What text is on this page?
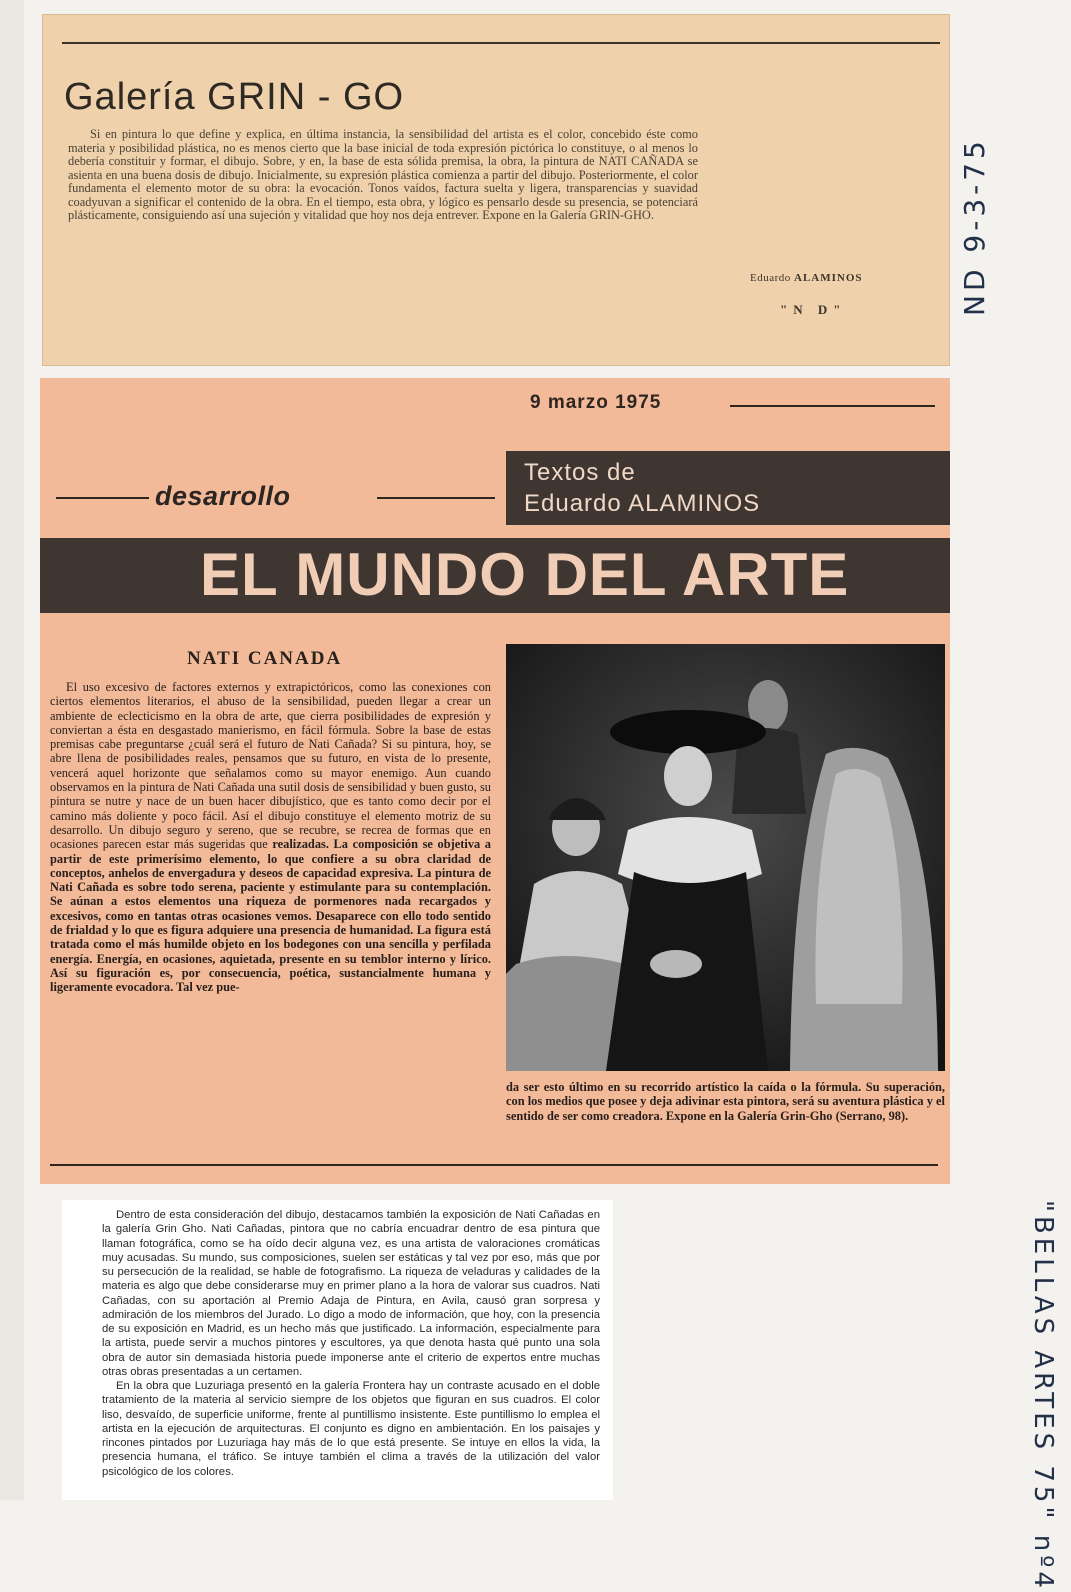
Galería GRIN - GO

Si en pintura lo que define y explica, en última instancia, la sensibilidad del artista es el color, concebido éste como materia y posibilidad plástica, no es menos cierto que la base inicial de toda expresión pictórica lo constituye, o al menos lo debería constituir y formar, el dibujo. Sobre, y en, la base de esta sólida premisa, la obra, la pintura de NATI CAÑADA se asienta en una buena dosis de dibujo. Inicialmente, su expresión plástica comienza a partir del dibujo. Posteriormente, el color fundamenta el elemento motor de su obra: la evocación. Tonos vaídos, factura suelta y ligera, transparencias y suavidad coadyuvan a significar el contenido de la obra. En el tiempo, esta obra, y lógico es pensarlo desde su presencia, se potenciará plásticamente, consiguiendo así una sujeción y vitalidad que hoy nos deja entrever. Expone en la Galería GRIN-GHO.

Eduardo ALAMINOS
"N D"	ND 9-3-75
9 marzo 1975
desarrollo
Textos de
Eduardo ALAMINOS
EL MUNDO DEL ARTE
NATI CANADA

El uso excesivo de factores externos y extrapictóricos, como las conexiones con ciertos elementos literarios, el abuso de la sensibilidad, pueden llegar a crear un ambiente de eclecticismo en la obra de arte, que cierra posibilidades de expresión y conviertan a ésta en desgastado manierismo, en fácil fórmula. Sobre la base de estas premisas cabe preguntarse ¿cuál será el futuro de Nati Cañada? Si su pintura, hoy, se abre llena de posibilidades reales, pensamos que su futuro, en vista de lo presente, vencerá aquel horizonte que señalamos como su mayor enemigo. Aun cuando observamos en la pintura de Nati Cañada una sutil dosis de sensibilidad y buen gusto, su pintura se nutre y nace de un buen hacer dibujístico, que es tanto como decir por el camino más doliente y poco fácil. Así el dibujo constituye el elemento motriz de su desarrollo. Un dibujo seguro y sereno, que se recubre, se recrea de formas que en ocasiones parecen estar más sugeridas que realizadas. La composición se objetiva a partir de este primerísimo elemento, lo que confiere a su obra claridad de conceptos, anhelos de envergadura y deseos de capacidad expresiva. La pintura de Nati Cañada es sobre todo serena, paciente y estimulante para su contemplación. Se aúnan a estos elementos una riqueza de pormenores nada recargados y excesivos, como en tantas otras ocasiones vemos. Desaparece con ello todo sentido de frialdad y lo que es figura adquiere una presencia de humanidad. La figura está tratada como el más humilde objeto en los bodegones con una sencilla y perfilada energía. Energía, en ocasiones, aquietada, presente en su temblor interno y lírico. Así su figuración es, por consecuencia, poética, sustancialmente humana y ligeramente evocadora. Tal vez pue-

da ser esto último en su recorrido artístico la caída o la fórmula. Su superación, con los medios que posee y deja adivinar esta pintora, será su aventura plástica y el sentido de ser como creadora. Expone en la Galería Grin-Gho (Serrano, 98).

Dentro de esta consideración del dibujo, destacamos también la exposición de Nati Cañadas en la galería Grin Gho. Nati Cañadas, pintora que no cabría encuadrar dentro de esa pintura que llaman fotográfica, como se ha oído decir alguna vez, es una artista de valoraciones cromáticas muy acusadas. Su mundo, sus composiciones, suelen ser estáticas y tal vez por eso, más que por su persecución de la realidad, se hable de fotografismo. La riqueza de veladuras y calidades de la materia es algo que debe considerarse muy en primer plano a la hora de valorar sus cuadros. Nati Cañadas, con su aportación al Premio Adaja de Pintura, en Avila, causó gran sorpresa y admiración de los miembros del Jurado. Lo digo a modo de información, que hoy, con la presencia de su exposición en Madrid, es un hecho más que justificado. La información, especialmente para la artista, puede servir a muchos pintores y escultores, ya que denota hasta qué punto una sola obra de autor sin demasiada historia puede imponerse ante el criterio de expertos entre muchas otras obras presentadas a un certamen.

En la obra que Luzuriaga presentó en la galería Frontera hay un contraste acusado en el doble tratamiento de la materia al servicio siempre de los objetos que figuran en sus cuadros. El color liso, desvaído, de superficie uniforme, frente al puntillismo insistente. Este puntillismo lo emplea el artista en la ejecución de arquitecturas. El conjunto es digno en ambientación. En los paisajes y rincones pintados por Luzuriaga hay más de lo que está presente. Se intuye en ellos la vida, la presencia humana, el tráfico. Se intuye también el clima a través de la utilización del valor psicológico de los colores.	"BELLAS ARTES 75" nº4
